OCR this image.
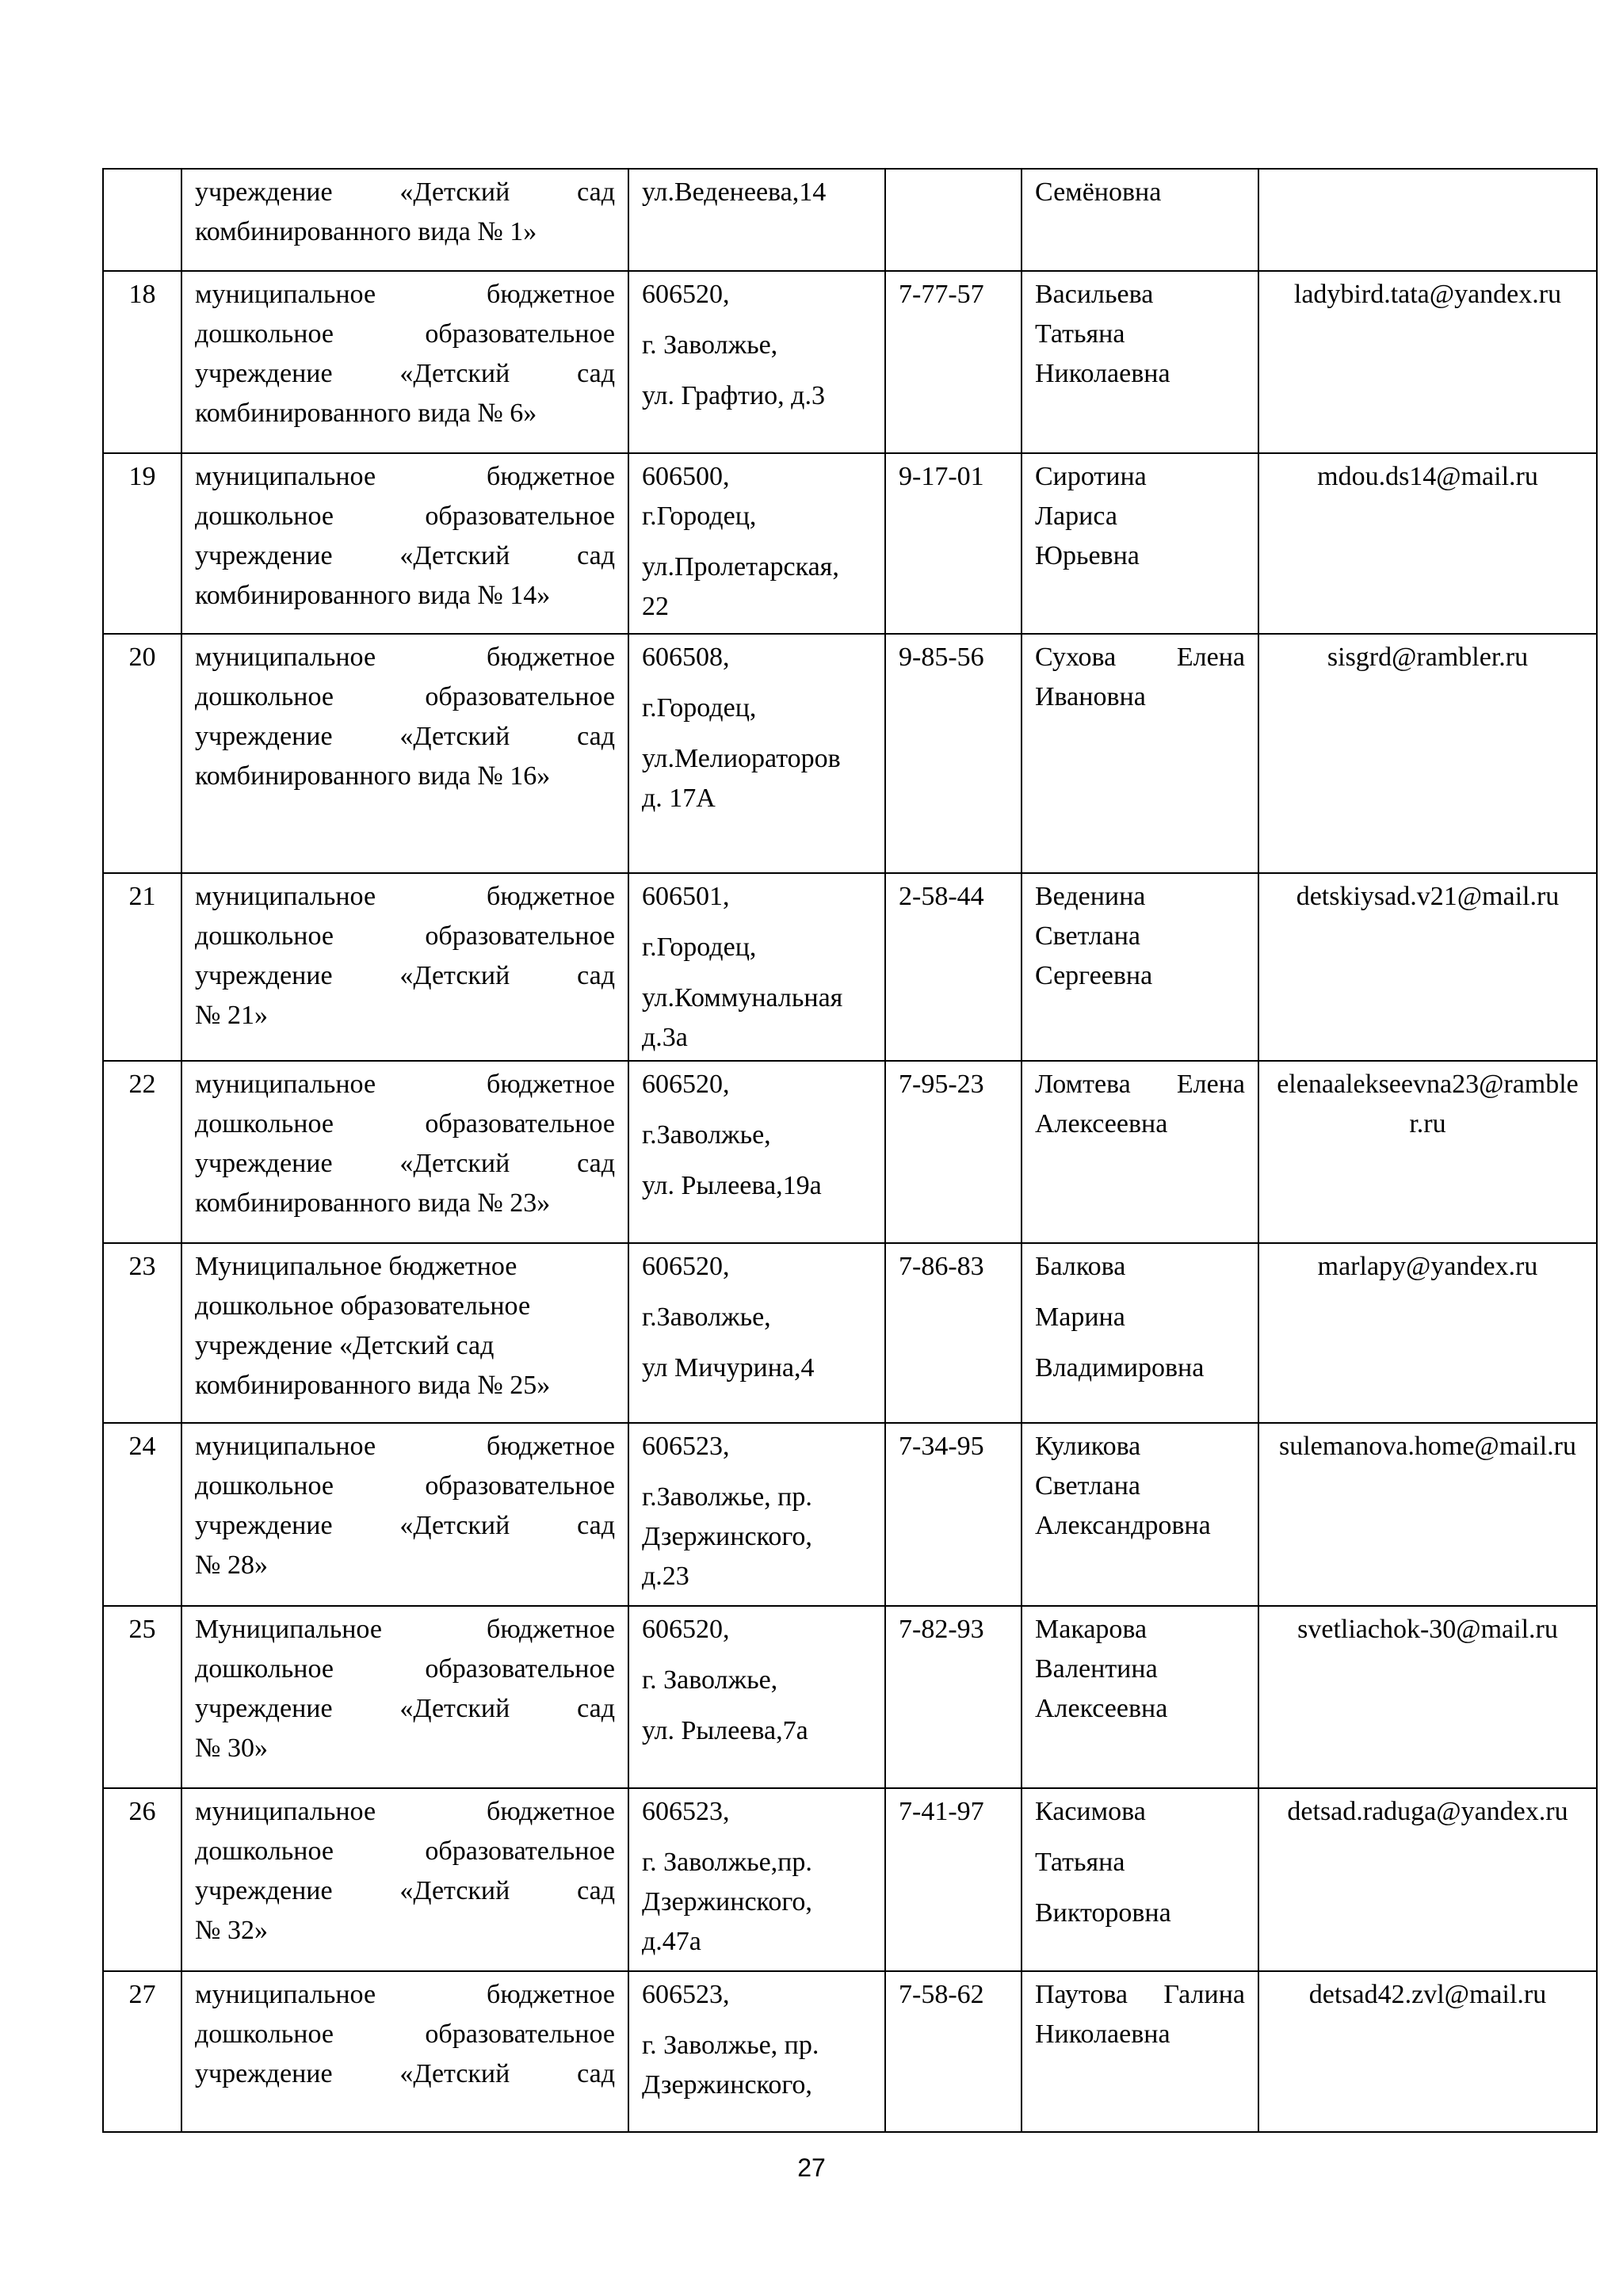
	учреждение «Детский сад
комбинированного вида № 1»	ул.Веденеева,14		Семёновна	

18	муниципальное бюджетное
дошкольное образовательное
учреждение «Детский сад
комбинированного вида № 6»	606520,
г. Заволжье,
ул. Графтио, д.3	7-77-57	Васильева
Татьяна
Николаевна	ladybird.tata@yandex.ru
19	муниципальное бюджетное
дошкольное образовательное
учреждение «Детский сад
комбинированного вида № 14»	606500,
г.Городец,
ул.Пролетарская,
22	9-17-01	Сиротина
Лариса
Юрьевна	mdou.ds14@mail.ru
20	муниципальное бюджетное
дошкольное образовательное
учреждение «Детский сад
комбинированного вида № 16»	606508,
г.Городец,
ул.Мелиораторов
д. 17А	9-85-56	Сухова Елена
Ивановна	sisgrd@rambler.ru
21	муниципальное бюджетное
дошкольное образовательное
учреждение «Детский сад
№ 21»	606501,
г.Городец,
ул.Коммунальная
д.3а	2-58-44	Веденина
Светлана
Сергеевна	detskiysad.v21@mail.ru
22	муниципальное бюджетное
дошкольное образовательное
учреждение «Детский сад
комбинированного вида № 23»	606520,
г.Заволжье,
ул. Рылеева,19а	7-95-23	Ломтева Елена
Алексеевна	elenaalekseevna23@rambler.ru
23	Муниципальное бюджетное
дошкольное образовательное
учреждение «Детский сад
комбинированного вида № 25»	606520,
г.Заволжье,
ул Мичурина,4	7-86-83	Балкова
Марина
Владимировна	marlapy@yandex.ru
24	муниципальное бюджетное
дошкольное образовательное
учреждение «Детский сад
№ 28»	606523,
г.Заволжье, пр.
Дзержинского,
д.23	7-34-95	Куликова
Светлана
Александровна	sulemanova.home@mail.ru
25	Муниципальное бюджетное
дошкольное образовательное
учреждение «Детский сад
№ 30»	606520,
г. Заволжье,
ул. Рылеева,7а	7-82-93	Макарова
Валентина
Алексеевна	svetliachok-30@mail.ru
26	муниципальное бюджетное
дошкольное образовательное
учреждение «Детский сад
№ 32»	606523,
г. Заволжье,пр.
Дзержинского,
д.47а	7-41-97	Касимова
Татьяна
Викторовна	detsad.raduga@yandex.ru
27	муниципальное бюджетное
дошкольное образовательное
учреждение «Детский сад	606523,
г. Заволжье, пр.
Дзержинского,	7-58-62	Паутова Галина
Николаевна	detsad42.zvl@mail.ru
27
